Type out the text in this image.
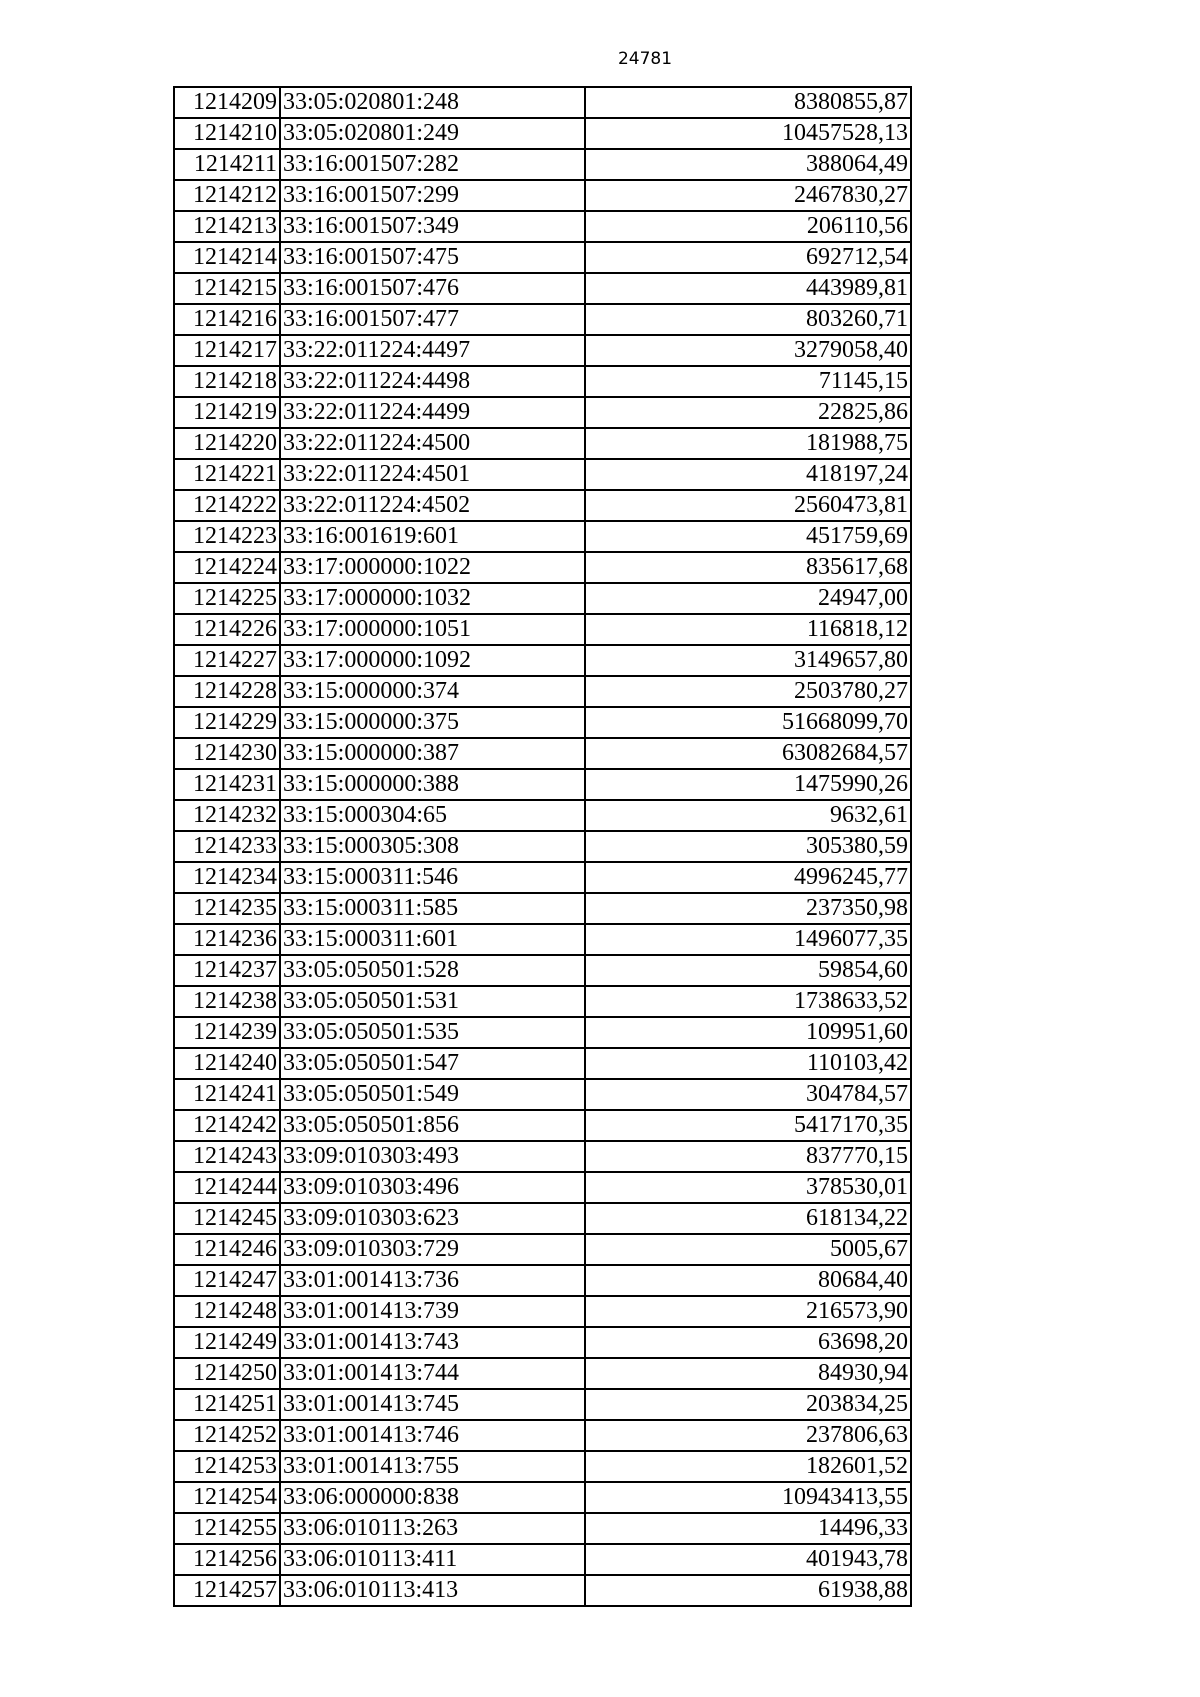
24781
1214209	33:05:020801:248	8380855,87
1214210	33:05:020801:249	10457528,13
1214211	33:16:001507:282	388064,49
1214212	33:16:001507:299	2467830,27
1214213	33:16:001507:349	206110,56
1214214	33:16:001507:475	692712,54
1214215	33:16:001507:476	443989,81
1214216	33:16:001507:477	803260,71
1214217	33:22:011224:4497	3279058,40
1214218	33:22:011224:4498	71145,15
1214219	33:22:011224:4499	22825,86
1214220	33:22:011224:4500	181988,75
1214221	33:22:011224:4501	418197,24
1214222	33:22:011224:4502	2560473,81
1214223	33:16:001619:601	451759,69
1214224	33:17:000000:1022	835617,68
1214225	33:17:000000:1032	24947,00
1214226	33:17:000000:1051	116818,12
1214227	33:17:000000:1092	3149657,80
1214228	33:15:000000:374	2503780,27
1214229	33:15:000000:375	51668099,70
1214230	33:15:000000:387	63082684,57
1214231	33:15:000000:388	1475990,26
1214232	33:15:000304:65	9632,61
1214233	33:15:000305:308	305380,59
1214234	33:15:000311:546	4996245,77
1214235	33:15:000311:585	237350,98
1214236	33:15:000311:601	1496077,35
1214237	33:05:050501:528	59854,60
1214238	33:05:050501:531	1738633,52
1214239	33:05:050501:535	109951,60
1214240	33:05:050501:547	110103,42
1214241	33:05:050501:549	304784,57
1214242	33:05:050501:856	5417170,35
1214243	33:09:010303:493	837770,15
1214244	33:09:010303:496	378530,01
1214245	33:09:010303:623	618134,22
1214246	33:09:010303:729	5005,67
1214247	33:01:001413:736	80684,40
1214248	33:01:001413:739	216573,90
1214249	33:01:001413:743	63698,20
1214250	33:01:001413:744	84930,94
1214251	33:01:001413:745	203834,25
1214252	33:01:001413:746	237806,63
1214253	33:01:001413:755	182601,52
1214254	33:06:000000:838	10943413,55
1214255	33:06:010113:263	14496,33
1214256	33:06:010113:411	401943,78
1214257	33:06:010113:413	61938,88
